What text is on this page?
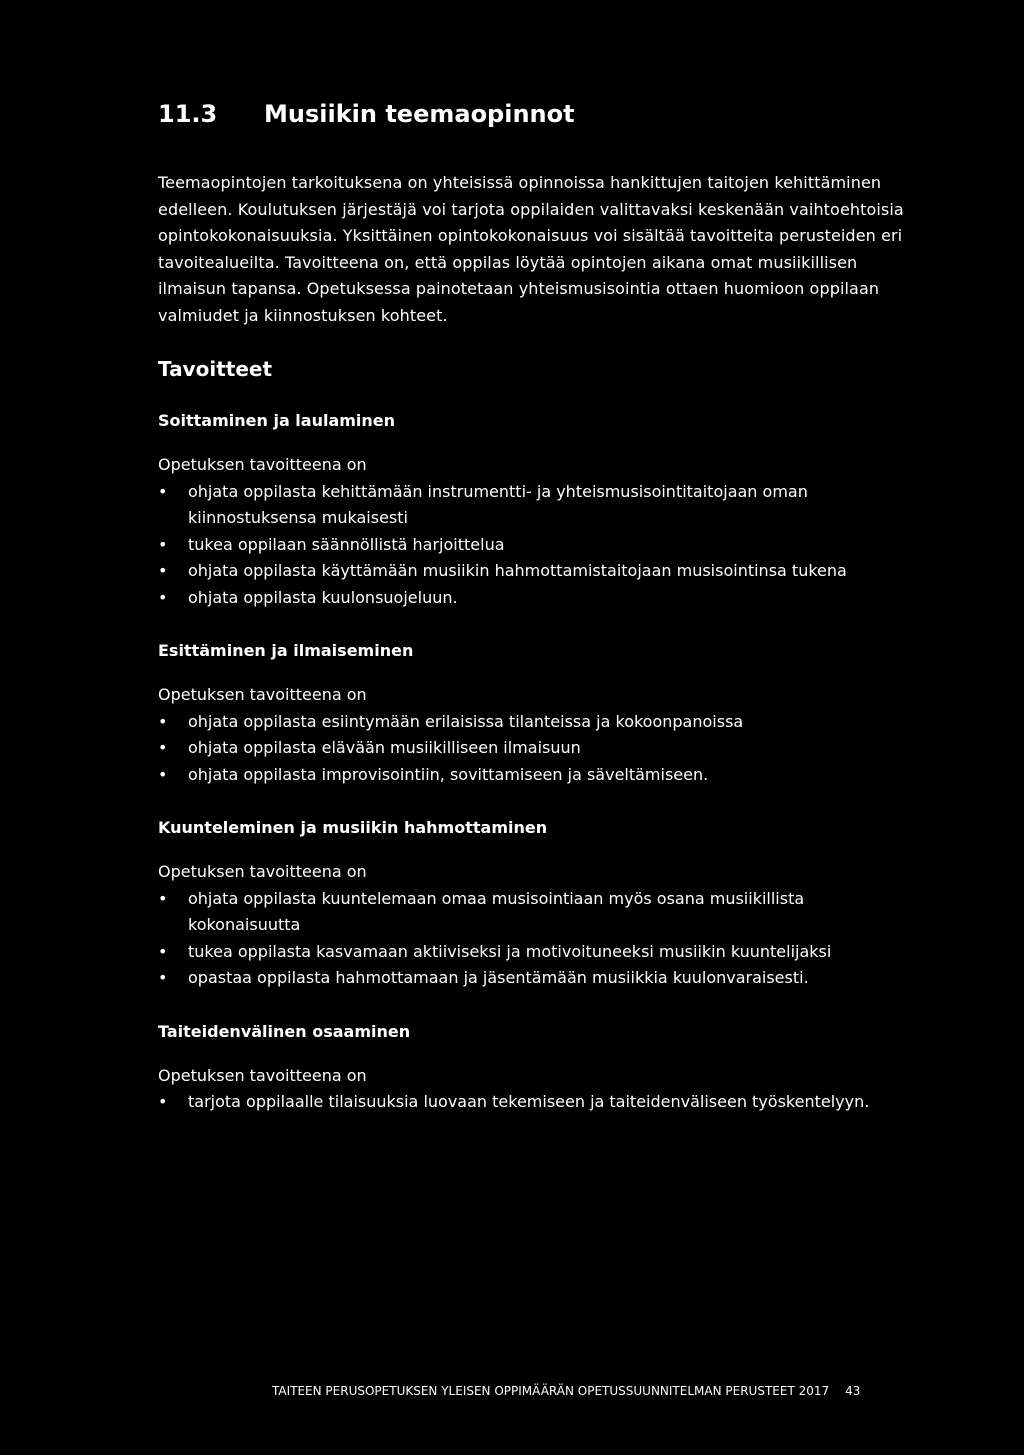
11.3	Musiikin teemaopinnot

Teemaopintojen tarkoituksena on yhteisissä opinnoissa hankittujen taitojen kehittäminen edelleen. Koulutuksen järjestäjä voi tarjota oppilaiden valittavaksi keskenään vaihtoehtoisia opintokokonaisuuksia. Yksittäinen opintokokonaisuus voi sisältää tavoitteita perusteiden eri tavoitealueilta. Tavoitteena on, että oppilas löytää opintojen aikana omat musiikillisen ilmaisun tapansa. Opetuksessa painotetaan yhteismusisointia ottaen huomioon oppilaan valmiudet ja kiinnostuksen kohteet.

Tavoitteet
Soittaminen ja laulaminen

Opetuksen tavoitteena on

• ohjata oppilasta kehittämään instrumentti- ja yhteismusisointitaitojaan oman kiinnostuksensa mukaisesti
• tukea oppilaan säännöllistä harjoittelua
• ohjata oppilasta käyttämään musiikin hahmottamistaitojaan musisointinsa tukena
• ohjata oppilasta kuulonsuojeluun.
Esittäminen ja ilmaiseminen

Opetuksen tavoitteena on

• ohjata oppilasta esiintymään erilaisissa tilanteissa ja kokoonpanoissa
• ohjata oppilasta elävään musiikilliseen ilmaisuun
• ohjata oppilasta improvisointiin, sovittamiseen ja säveltämiseen.
Kuunteleminen ja musiikin hahmottaminen

Opetuksen tavoitteena on

• ohjata oppilasta kuuntelemaan omaa musisointiaan myös osana musiikillista kokonaisuutta
• tukea oppilasta kasvamaan aktiiviseksi ja motivoituneeksi musiikin kuuntelijaksi
• opastaa oppilasta hahmottamaan ja jäsentämään musiikkia kuulonvaraisesti.
Taiteidenvälinen osaaminen

Opetuksen tavoitteena on

• tarjota oppilaalle tilaisuuksia luovaan tekemiseen ja taiteidenväliseen työskentelyyn.
TAITEEN PERUSOPETUKSEN YLEISEN OPPIMÄÄRÄN OPETUSSUUNNITELMAN PERUSTEET 2017 43
